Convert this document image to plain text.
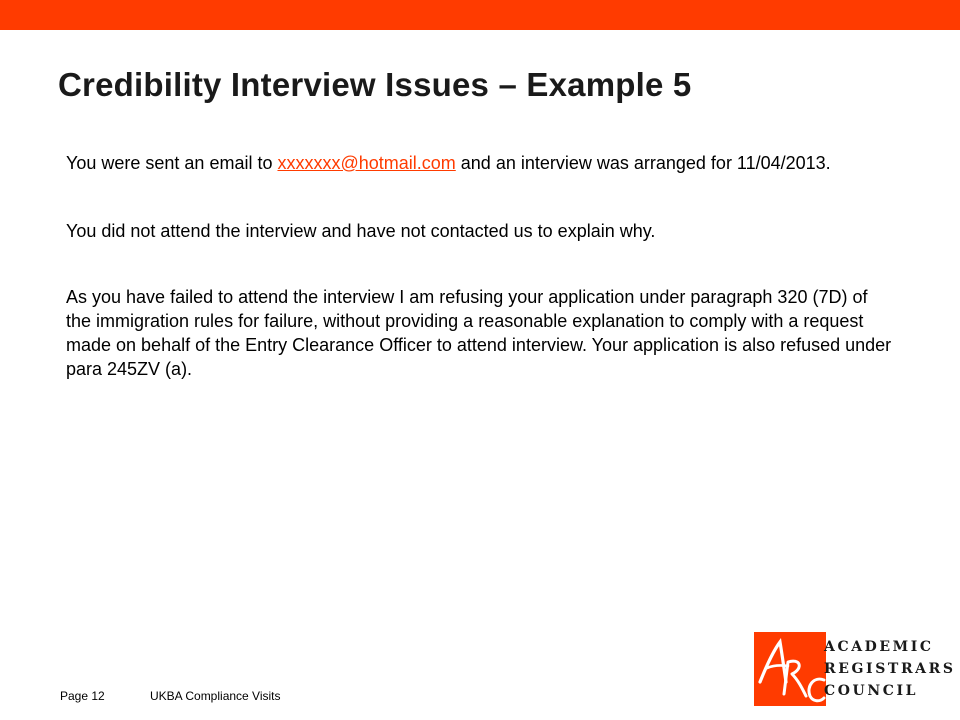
Credibility Interview Issues – Example 5

You were sent an email to xxxxxxx@hotmail.com and an interview was arranged for 11/04/2013.

You did not attend the interview and have not contacted us to explain why.

As you have failed to attend the interview I am refusing your application under paragraph 320 (7D) of the immigration rules for failure, without providing a reasonable explanation to comply with a request made on behalf of the Entry Clearance Officer to attend interview. Your application is also refused under para 245ZV (a).

Page 12	UKBA Compliance Visits
ACADEMIC
REGISTRARS
COUNCIL
